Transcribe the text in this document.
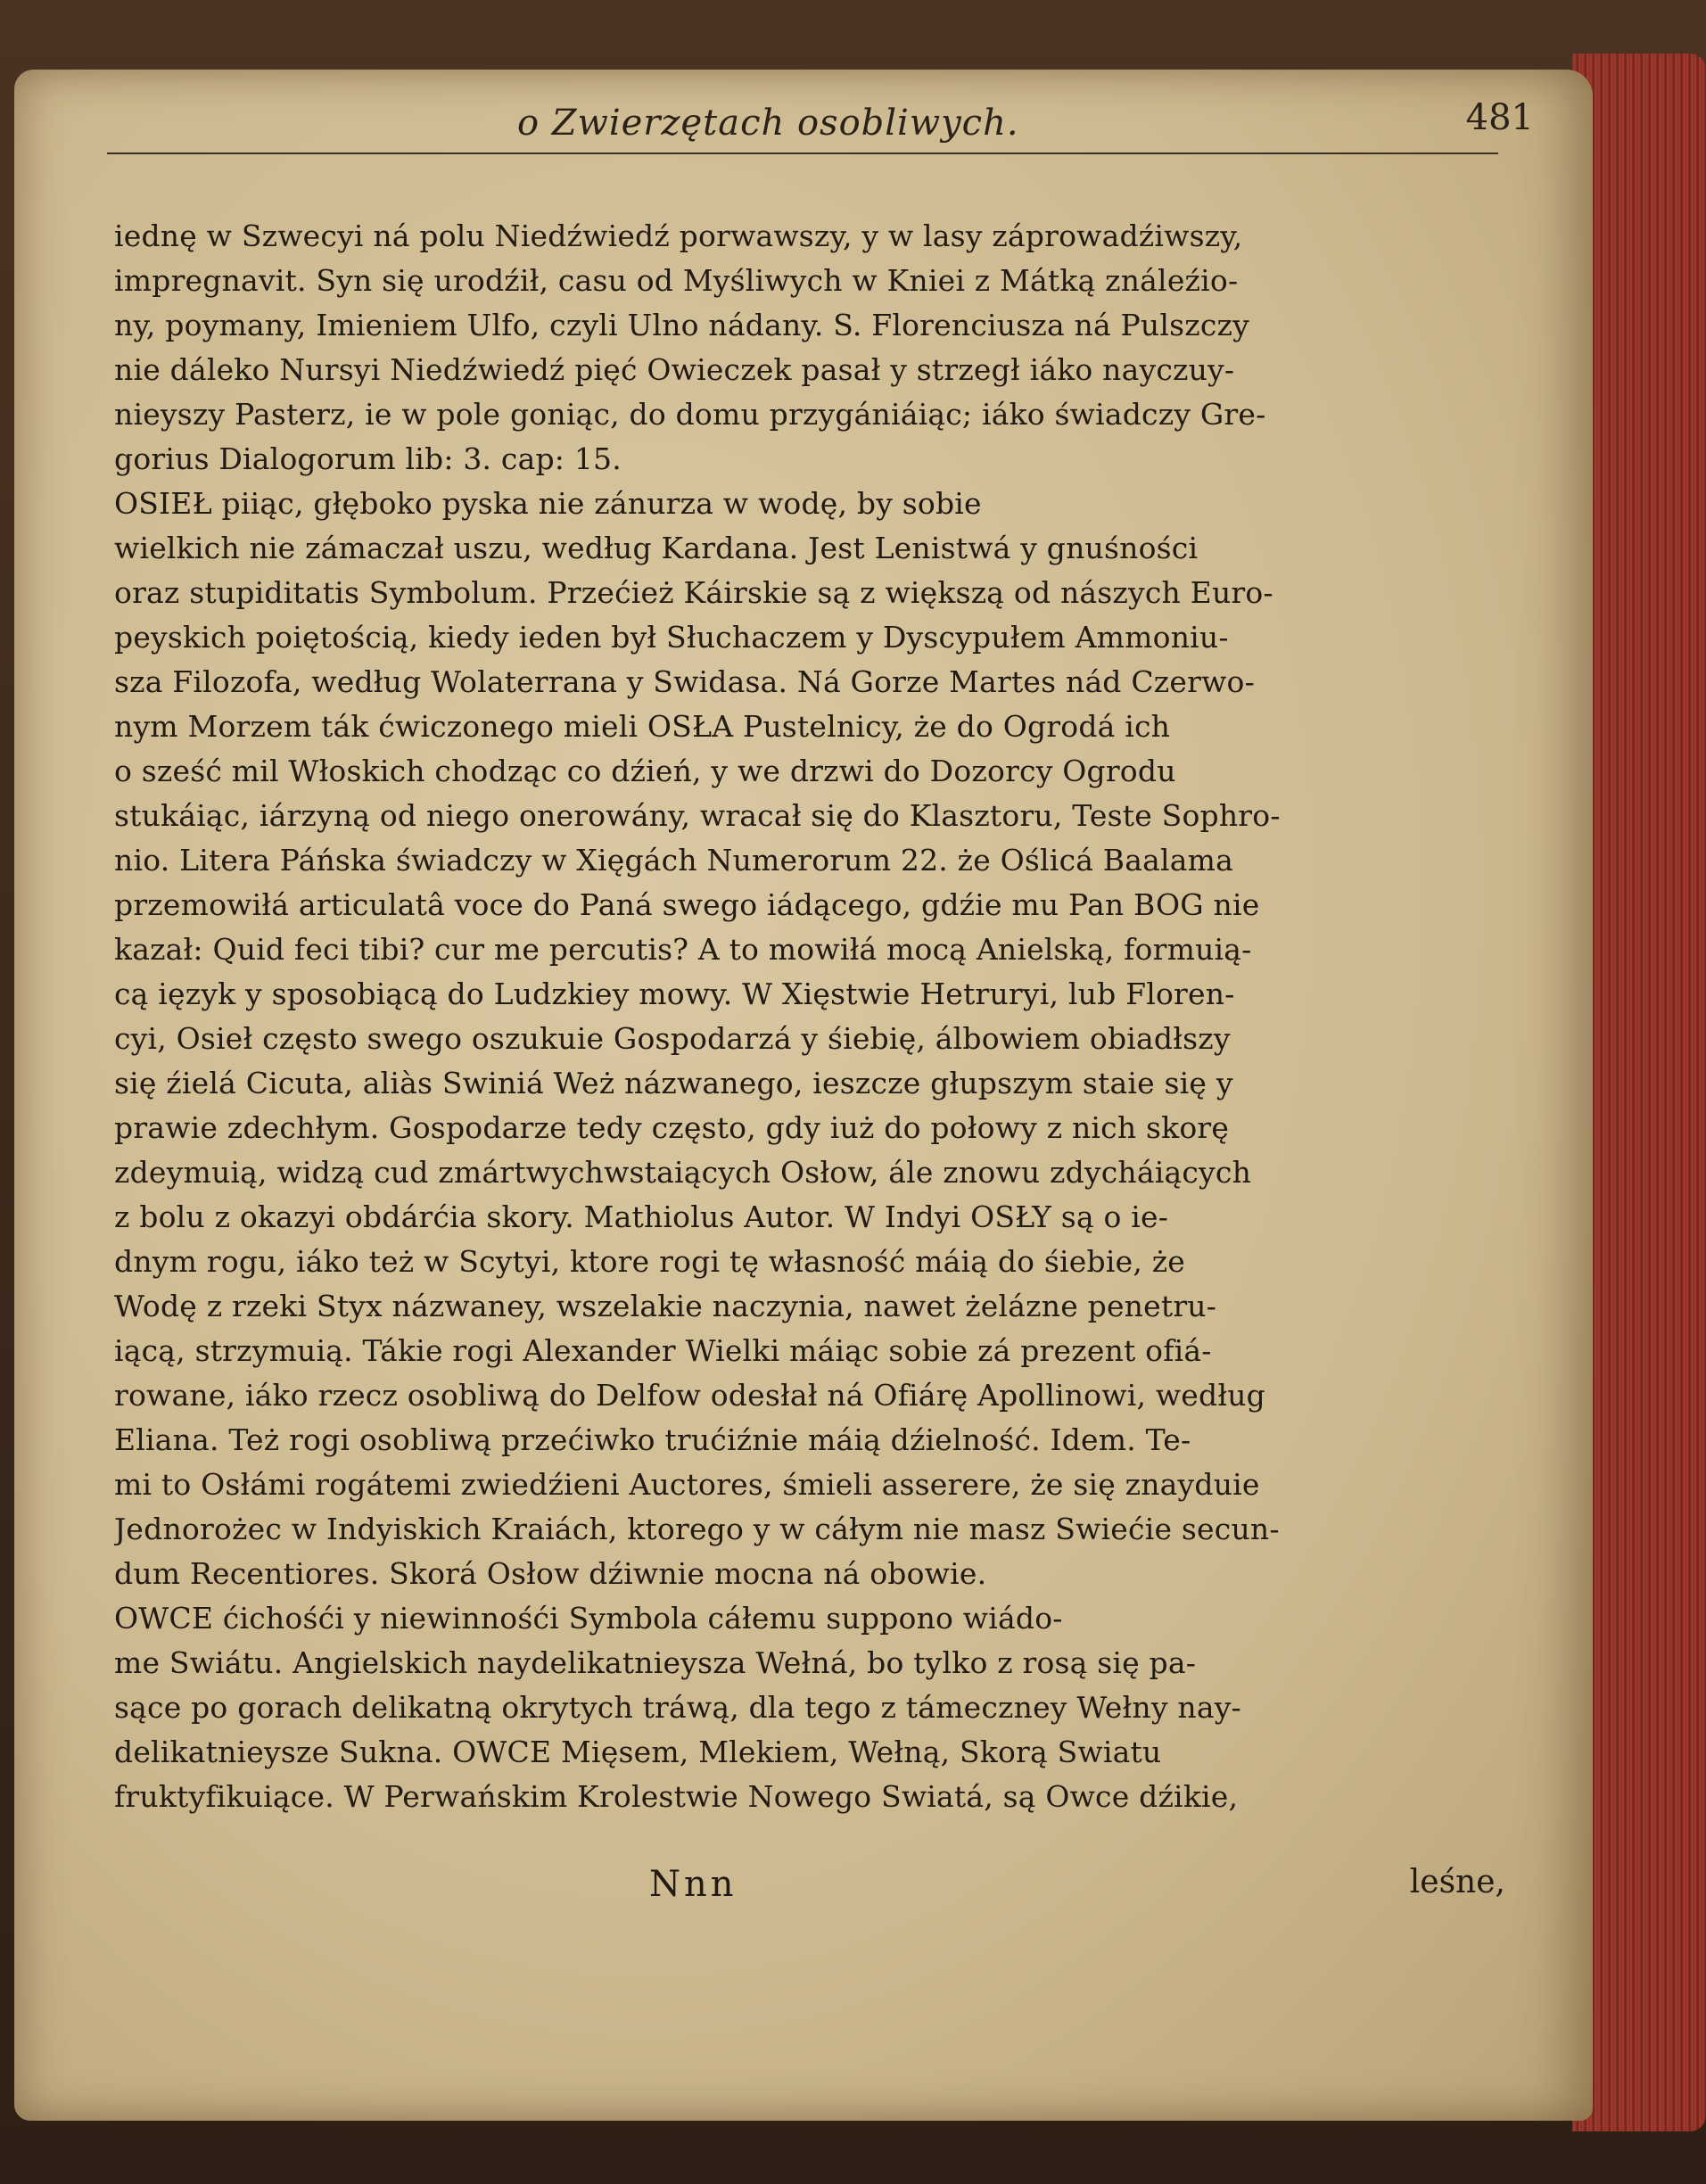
o Zwierzętach osobliwych.	481
iednę w Szwecyi ná polu Niedźwiedź porwawszy, y w lasy záprowadźiwszy,
impregnavit. Syn się urodźił, casu od Myśliwych w Kniei z Mátką ználeźio-
ny, poymany, Imieniem Ulfo, czyli Ulno nádany. S. Florenciusza ná Pulszczy
nie dáleko Nursyi Niedźwiedź pięć Owieczek pasał y strzegł iáko nayczuy-
nieyszy Pasterz, ie w pole goniąc, do domu przygániáiąc; iáko świadczy Gre-
gorius Dialogorum lib: 3. cap: 15.
OSIEŁ piiąc, głęboko pyska nie zánurza w wodę, by sobie
wielkich nie zámaczał uszu, według Kardana. Jest Lenistwá y gnuśności
oraz stupiditatis Symbolum. Przećież Káirskie są z większą od nászych Euro-
peyskich poiętością, kiedy ieden był Słuchaczem y Dyscypułem Ammoniu-
sza Filozofa, według Wolaterrana y Swidasa. Ná Gorze Martes nád Czerwo-
nym Morzem ták ćwiczonego mieli OSŁA Pustelnicy, że do Ogrodá ich
o sześć mil Włoskich chodząc co dźień, y we drzwi do Dozorcy Ogrodu
stukáiąc, iárzyną od niego onerowány, wracał się do Klasztoru, Teste Sophro-
nio. Litera Páńska świadczy w Xięgách Numerorum 22. że Oślicá Baalama
przemowiłá articulatâ voce do Paná swego iádącego, gdźie mu Pan BOG nie
kazał: Quid feci tibi? cur me percutis? A to mowiłá mocą Anielską, formuią-
cą ięzyk y sposobiącą do Ludzkiey mowy. W Xięstwie Hetruryi, lub Floren-
cyi, Osieł często swego oszukuie Gospodarzá y śiebię, álbowiem obiadłszy
się źielá Cicuta, aliàs Swiniá Weż názwanego, ieszcze głupszym staie się y
prawie zdechłym. Gospodarze tedy często, gdy iuż do połowy z nich skorę
zdeymuią, widzą cud zmártwychwstaiących Osłow, ále znowu zdycháiących
z bolu z okazyi obdárćia skory. Mathiolus Autor. W Indyi OSŁY są o ie-
dnym rogu, iáko też w Scytyi, ktore rogi tę własność máią do śiebie, że
Wodę z rzeki Styx názwaney, wszelakie naczynia, nawet żelázne penetru-
iącą, strzymuią. Tákie rogi Alexander Wielki máiąc sobie zá prezent ofiá-
rowane, iáko rzecz osobliwą do Delfow odesłał ná Ofiárę Apollinowi, według
Eliana. Też rogi osobliwą przećiwko trućiźnie máią dźielność. Idem. Te-
mi to Osłámi rogátemi zwiedźieni Auctores, śmieli asserere, że się znayduie
Jednorożec w Indyiskich Kraiách, ktorego y w cáłym nie masz Swiećie secun-
dum Recentiores. Skorá Osłow dźiwnie mocna ná obowie.
OWCE ćichośći y niewinnośći Symbola cáłemu suppono wiádo-
me Swiátu. Angielskich naydelikatnieysza Wełná, bo tylko z rosą się pa-
sące po gorach delikatną okrytych tráwą, dla tego z támeczney Wełny nay-
delikatnieysze Sukna. OWCE Mięsem, Mlekiem, Wełną, Skorą Swiatu
fruktyfikuiące. W Perwańskim Krolestwie Nowego Swiatá, są Owce dźikie,
Nnn	leśne,
